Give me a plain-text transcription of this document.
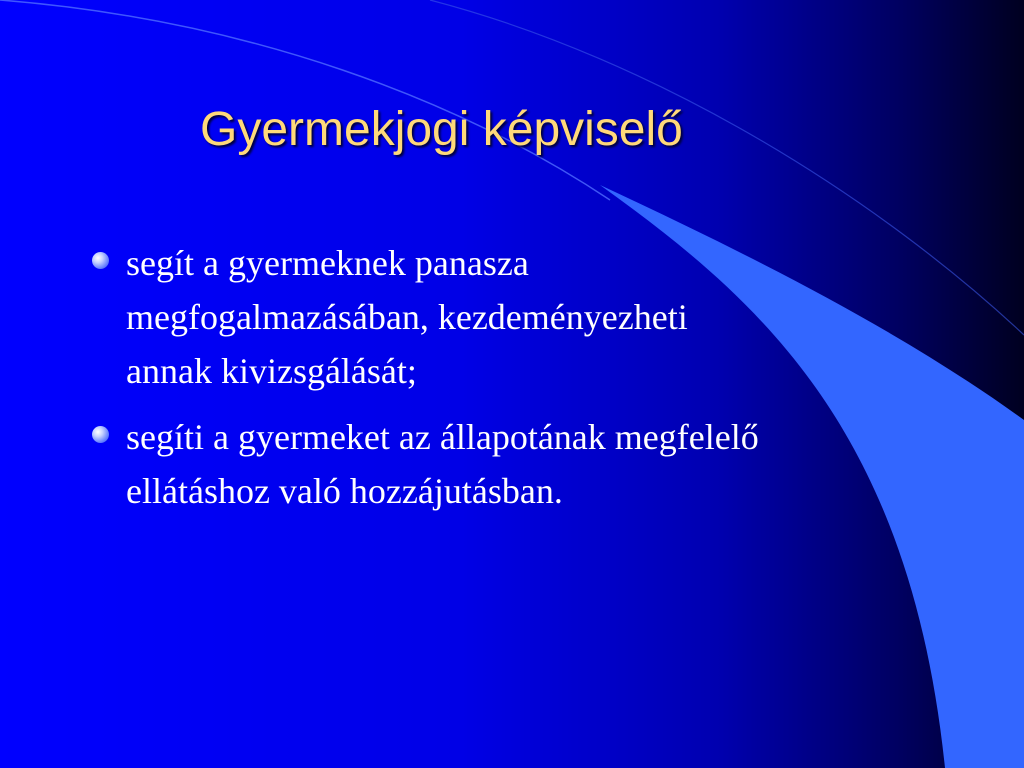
Gyermekjogi képviselő
segít a gyermeknek panasza
megfogalmazásában, kezdeményezheti
annak kivizsgálását;
segíti a gyermeket az állapotának megfelelő
ellátáshoz való hozzájutásban.
